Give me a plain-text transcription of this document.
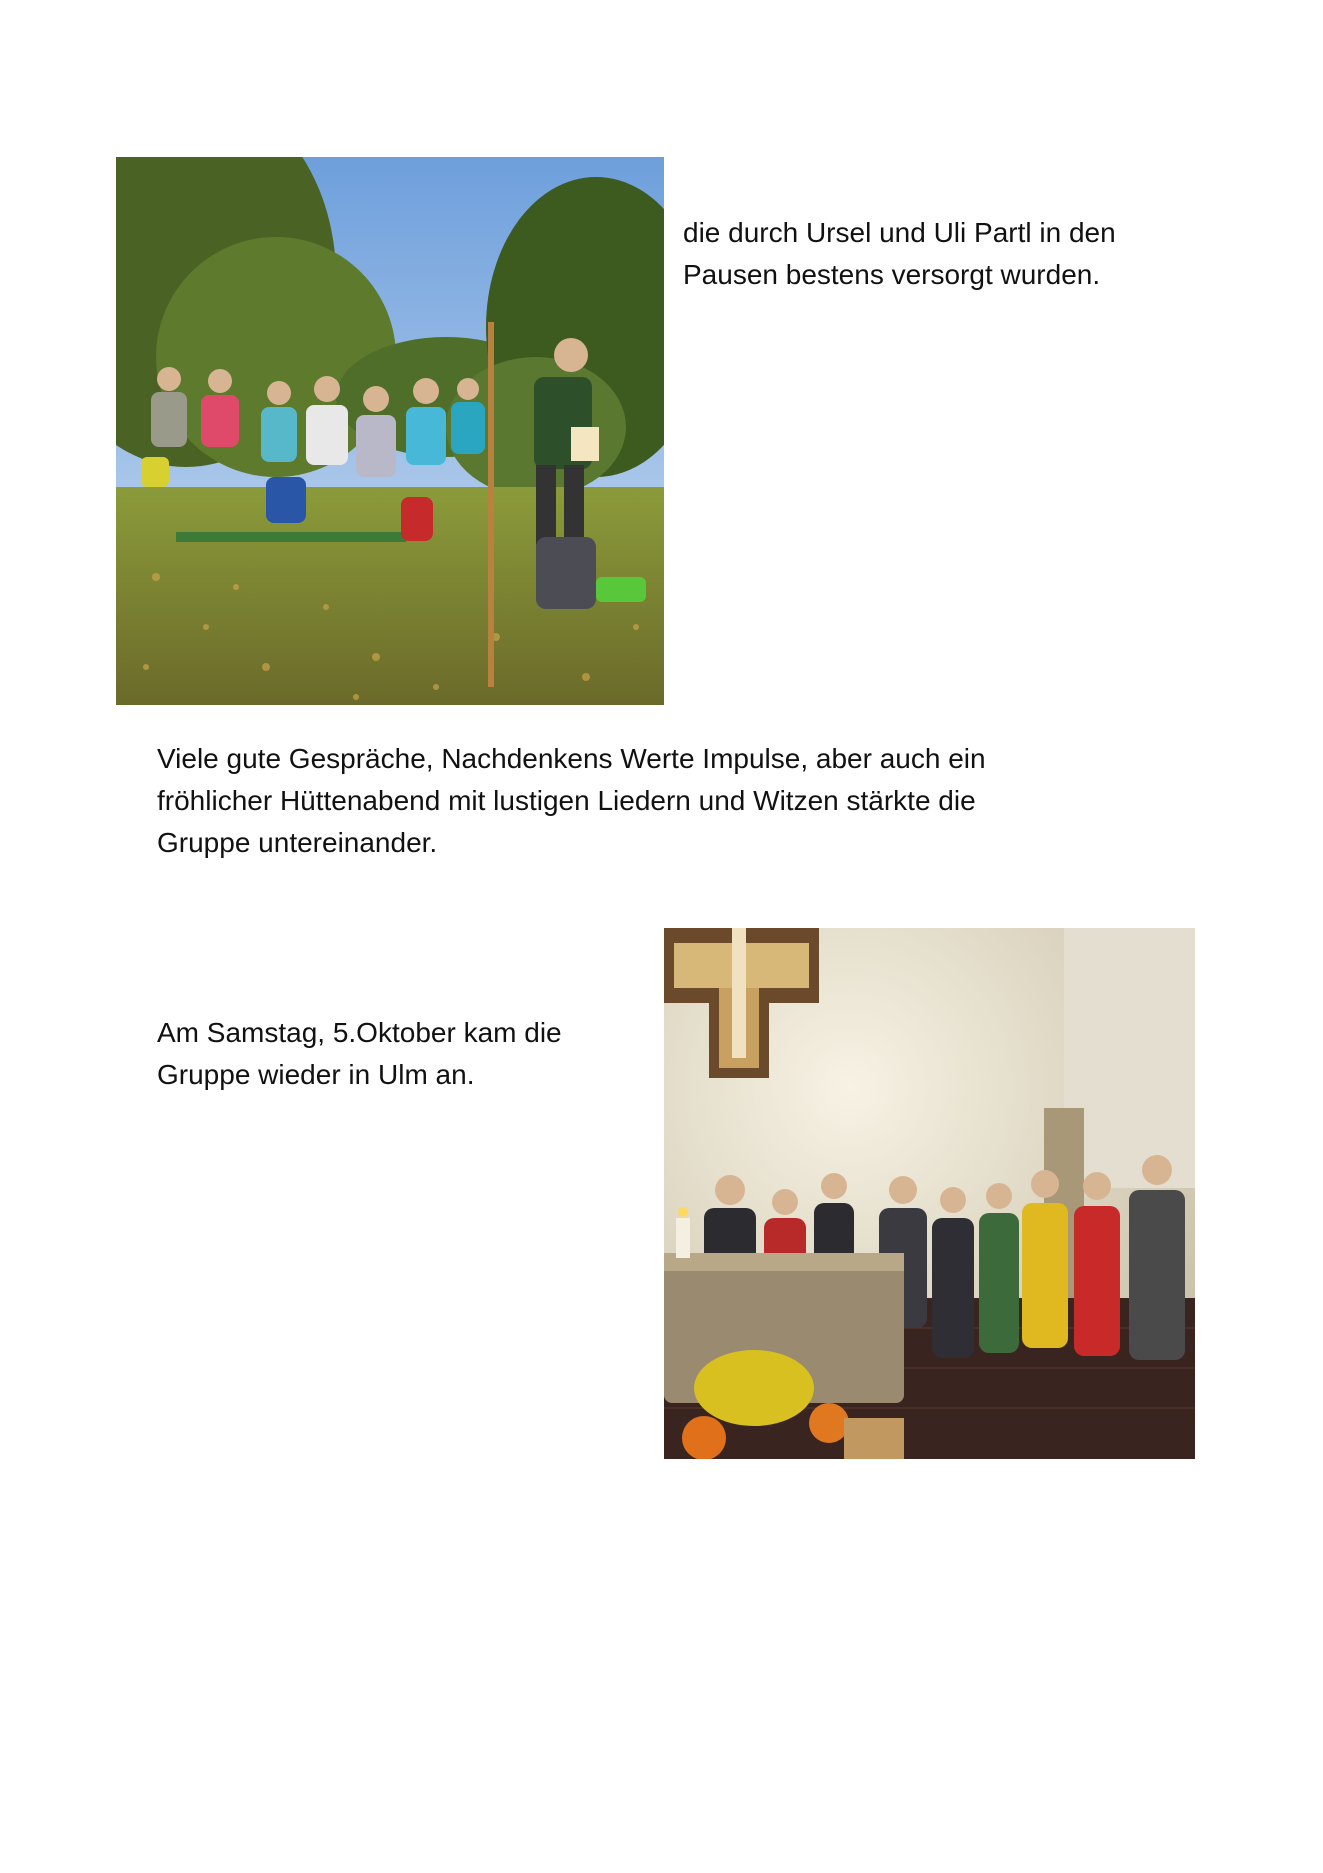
die durch Ursel und Uli Partl in den
Pausen bestens versorgt wurden.

Viele gute Gespräche, Nachdenkens Werte Impulse, aber auch ein
fröhlicher Hüttenabend mit lustigen Liedern und Witzen stärkte die
Gruppe untereinander.

Am Samstag, 5.Oktober kam die
Gruppe wieder in Ulm an.
